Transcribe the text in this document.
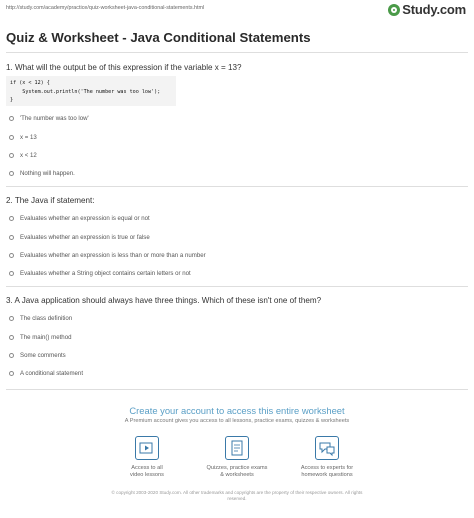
http://study.com/academy/practice/quiz-worksheet-java-conditional-statements.html	Study.com
Quiz & Worksheet - Java Conditional Statements
1. What will the output be of this expression if the variable x = 13?
if (x < 12) {
System.out.println('The number was too low');
}
'The number was too low'
x = 13
x < 12
Nothing will happen.
2. The Java if statement:
Evaluates whether an expression is equal or not
Evaluates whether an expression is true or false
Evaluates whether an expression is less than or more than a number
Evaluates whether a String object contains certain letters or not
3. A Java application should always have three things. Which of these isn't one of them?
The class definition
The main() method
Some comments
A conditional statement
Create your account to access this entire worksheet
A Premium account gives you access to all lessons, practice exams, quizzes & worksheets
Access to all
video lessons
Quizzes, practice exams
& worksheets
Access to experts for
homework questions
© copyright 2003-2020 Study.com. All other trademarks and copyrights are the property of their respective owners. All rights
reserved.
